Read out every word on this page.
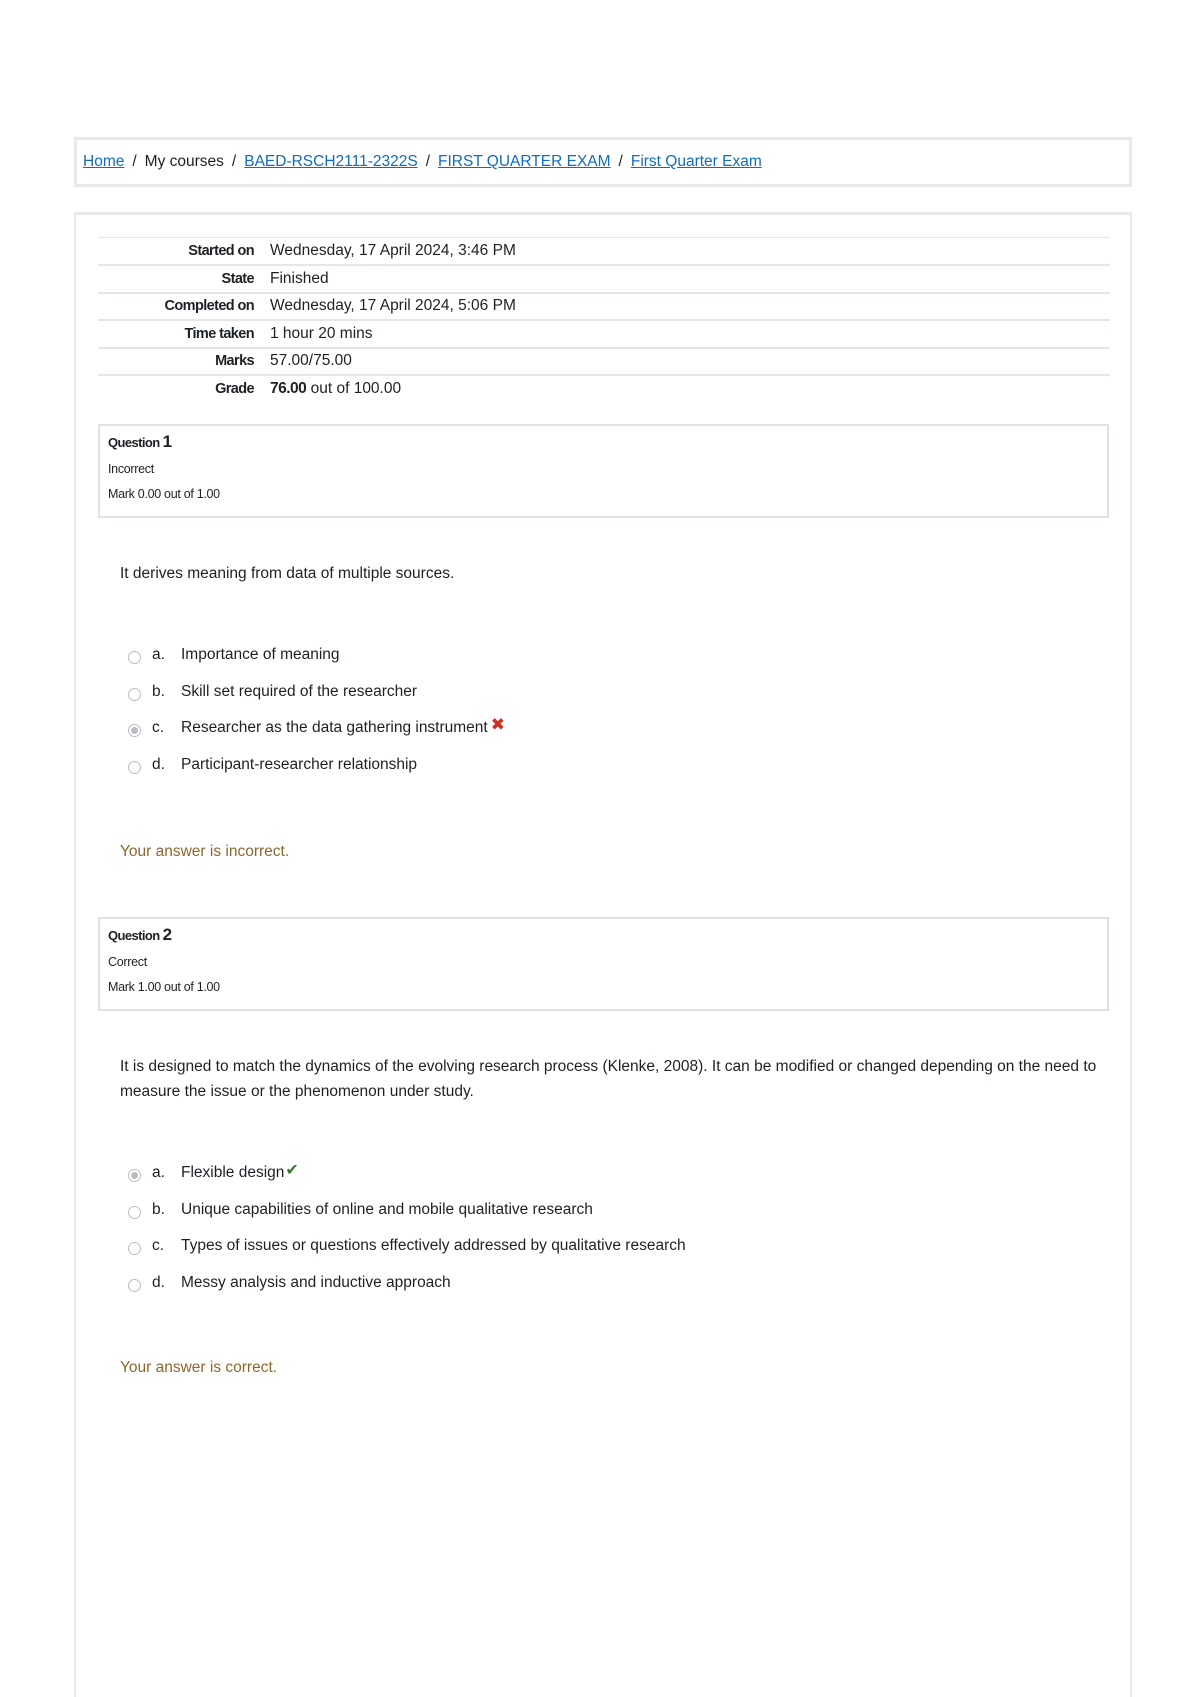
Home / My courses / BAED-RSCH2111-2322S / FIRST QUARTER EXAM / First Quarter Exam
Started on	Wednesday, 17 April 2024, 3:46 PM
State	Finished
Completed on	Wednesday, 17 April 2024, 5:06 PM
Time taken	1 hour 20 mins
Marks	57.00/75.00
Grade	76.00 out of 100.00
Question 1
Incorrect
Mark 0.00 out of 1.00
It derives meaning from data of multiple sources.
a.	Importance of meaning
b.	Skill set required of the researcher
c.	Researcher as the data gathering instrument ✖
d.	Participant-researcher relationship
Your answer is incorrect.
Question 2
Correct
Mark 1.00 out of 1.00
It is designed to match the dynamics of the evolving research process (Klenke, 2008). It can be modified or changed depending on the need to measure the issue or the phenomenon under study.
a.	Flexible design ✔
b.	Unique capabilities of online and mobile qualitative research
c.	Types of issues or questions effectively addressed by qualitative research
d.	Messy analysis and inductive approach
Your answer is correct.
